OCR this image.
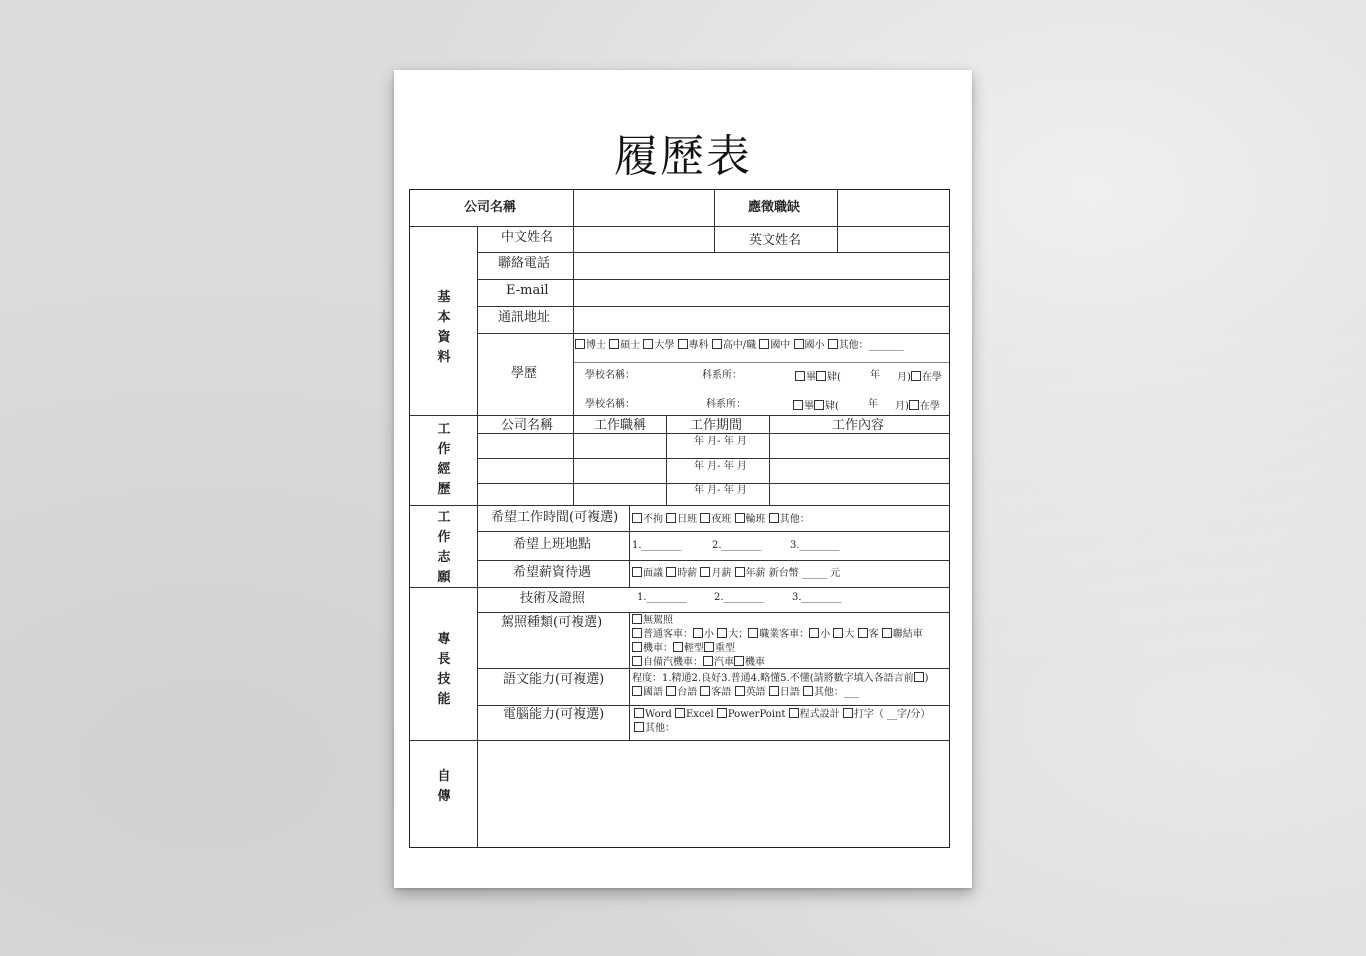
履歷表
公司名稱	應徵職缺
基
本
資
料
中文姓名	英文姓名
聯絡電話
E-mail
通訊地址
學歷
博士 碩士 大學 專科 高中/職 國中 國小 其他：_______
學校名稱：	科系所：	畢 肄(	年 月) 在學
學校名稱：	科系所：	畢 肄(	年 月) 在學
工
作
經
歷
公司名稱	工作職稱	工作期間	工作內容
年 月- 年 月
年 月- 年 月
年 月- 年 月
工
作
志
願
希望工作時間(可複選)	不拘 日班 夜班 輪班 其他：
希望上班地點	1.________	2.________	3.________
希望薪資待遇	面議 時薪 月薪 年薪 新台幣 _____ 元
專
長
技
能
技術及證照	1.________	2.________	3.________
駕照種類(可複選)	無駕照
普通客車： 小 大； 職業客車： 小 大 客 聯結車
機車： 輕型 重型
自備汽機車： 汽車 機車
語文能力(可複選)	程度：1.精通2.良好3.普通4.略懂5.不懂(請將數字填入各語言前 )
國語 台語 客語 英語 日語 其他：___
電腦能力(可複選)	Word Excel PowerPoint 程式設計 打字（ __字/分）
其他：
自
傳
